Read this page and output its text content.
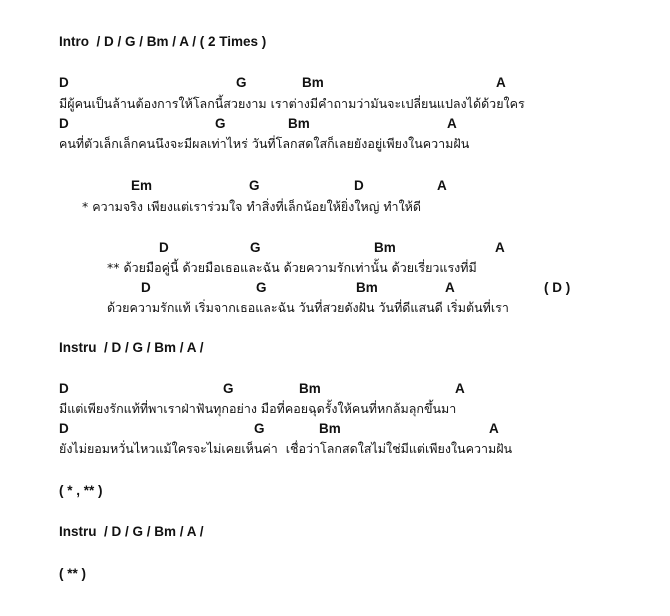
Intro  / D / G / Bm / A / ( 2 Times )

D

	G

	Bm

	A

มีผู้คนเป็นล้านต้องการให้โลกนี้สวยงาม เราต่างมีคำถามว่ามันจะเปลี่ยนแปลงได้ด้วยใคร

D

	G

	Bm

	A

คนที่ตัวเล็กเล็กคนนึงจะมีผลเท่าไหร่ วันที่โลกสดใสก็เลยยังอยู่เพียงในความฝัน

Em

	G

	D

	A

* ความจริง เพียงแต่เราร่วมใจ ทำสิ่งที่เล็กน้อยให้ยิ่งใหญ่ ทำให้ดี

D

	G

	Bm

	A

** ด้วยมือคู่นี้ ด้วยมือเธอและฉัน ด้วยความรักเท่านั้น ด้วยเรี่ยวแรงที่มี

D

	G

	Bm

	A

	( D )

ด้วยความรักแท้ เริ่มจากเธอและฉัน วันที่สวยดังฝัน วันที่ดีแสนดี เริ่มต้นที่เรา
Instru  / D / G / Bm / A /

D

	G

	Bm

	A

มีแต่เพียงรักแท้ที่พาเราฝ่าฟันทุกอย่าง มือที่คอยฉุดรั้งให้คนที่หกล้มลุกขึ้นมา

D

	G

	Bm

	A

ยังไม่ยอมหวั่นไหวแม้ใครจะไม่เคยเห็นค่า  เชื่อว่าโลกสดใสไม่ใช่มีแต่เพียงในความฝัน
( * , ** )
Instru  / D / G / Bm / A /
( ** )
